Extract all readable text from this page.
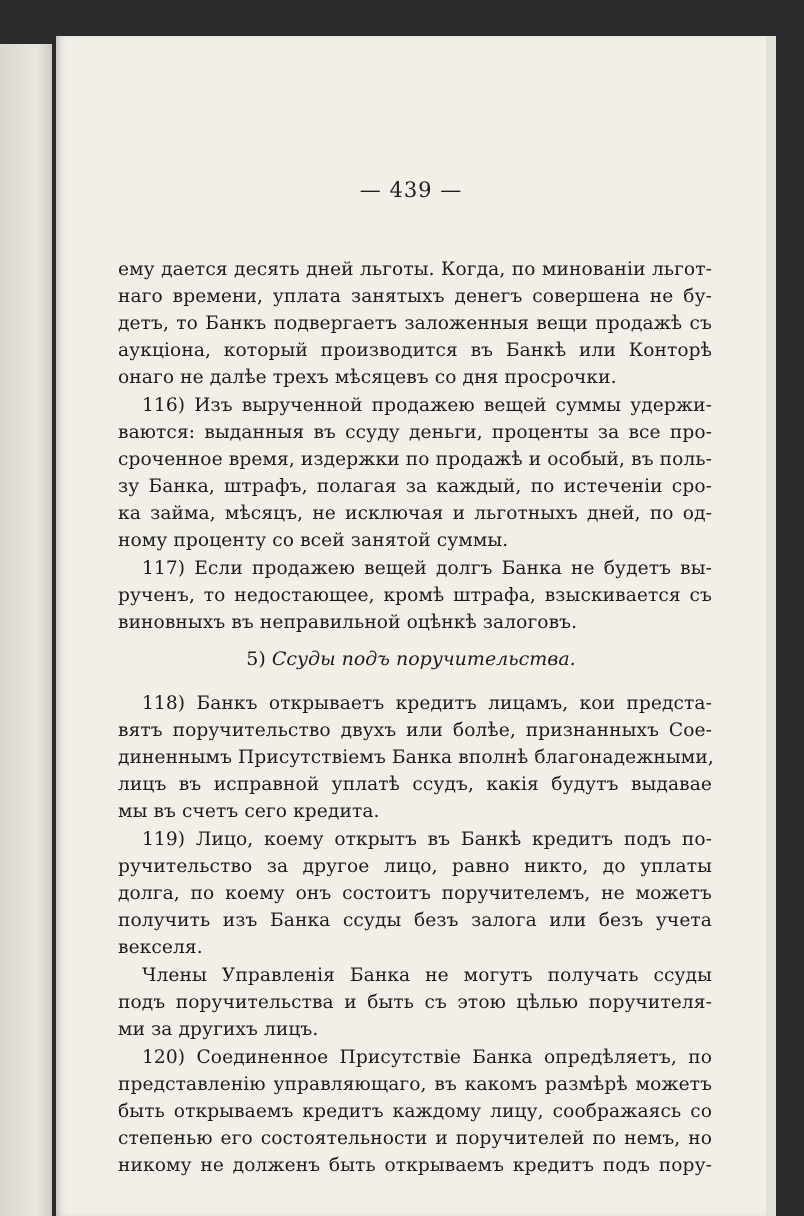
— 439 —
ему дается десять дней льготы. Когда, по минованіи льгот-
наго времени, уплата занятыхъ денегъ совершена не бу-
детъ, то Банкъ подвергаетъ заложенныя вещи продажѣ съ
аукціона, который производится въ Банкѣ или Конторѣ
онаго не далѣе трехъ мѣсяцевъ со дня просрочки.
116) Изъ вырученной продажею вещей суммы удержи-
ваются: выданныя въ ссуду деньги, проценты за все про-
сроченное время, издержки по продажѣ и особый, въ поль-
зу Банка, штрафъ, полагая за каждый, по истеченіи сро-
ка займа, мѣсяцъ, не исключая и льготныхъ дней, по од-
ному проценту со всей занятой суммы.
117) Если продажею вещей долгъ Банка не будетъ вы-
рученъ, то недостающее, кромѣ штрафа, взыскивается съ
виновныхъ въ неправильной оцѣнкѣ залоговъ.
5) Ссуды подъ поручительства.
118) Банкъ открываетъ кредитъ лицамъ, кои предста-
вятъ поручительство двухъ или болѣе, признанныхъ Сое-
диненнымъ Присутствіемъ Банка вполнѣ благонадежными,
лицъ въ исправной уплатѣ ссудъ, какія будутъ выдавае
мы въ счетъ сего кредита.
119) Лицо, коему открытъ въ Банкѣ кредитъ подъ по-
ручительство за другое лицо, равно никто, до уплаты
долга, по коему онъ состоитъ поручителемъ, не можетъ
получить изъ Банка ссуды безъ залога или безъ учета
векселя.
Члены Управленія Банка не могутъ получать ссуды
подъ поручительства и быть съ этою цѣлью поручителя-
ми за другихъ лицъ.
120) Соединенное Присутствіе Банка опредѣляетъ, по
представленію управляющаго, въ какомъ размѣрѣ можетъ
быть открываемъ кредитъ каждому лицу, соображаясь со
степенью его состоятельности и поручителей по немъ, но
никому не долженъ быть открываемъ кредитъ подъ пору-
